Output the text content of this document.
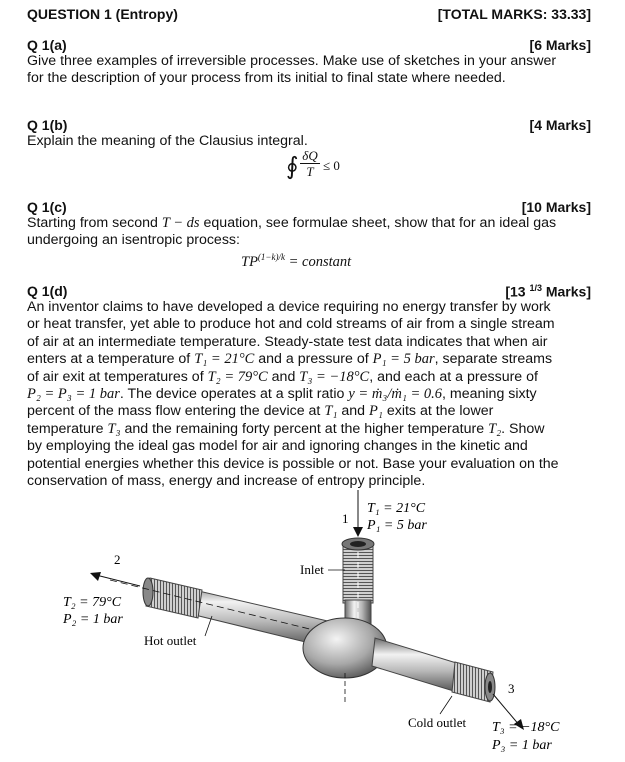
QUESTION 1 (Entropy)	[TOTAL MARKS: 33.33]
Q 1(a)	[6 Marks]
Give three examples of irreversible processes. Make use of sketches in your answer
for the description of your process from its initial to final state where needed.
Q 1(b)	[4 Marks]
Explain the meaning of the Clausius integral.
∮ δQ
T ≤ 0
Q 1(c)	[10 Marks]
Starting from second T − ds equation, see formulae sheet, show that for an ideal gas
undergoing an isentropic process:
$TP^{(1-k)/k}$ = constant
Q 1(d)	[13 $^{1/3}$ Marks]
An inventor claims to have developed a device requiring no energy transfer by work
or heat transfer, yet able to produce hot and cold streams of air from a single stream
of air at an intermediate temperature. Steady-state test data indicates that when air
enters at a temperature of T₁ = 21°C and a pressure of P₁ = 5 bar, separate streams
of air exit at temperatures of T₂ = 79°C and T₃ = −18°C, and each at a pressure of
P₂ = P₃ = 1 bar. The device operates at a split ratio y = ṁ₃/ṁ₁ = 0.6, meaning sixty
percent of the mass flow entering the device at T₁ and P₁ exits at the lower
temperature T₃ and the remaining forty percent at the higher temperature T₂. Show
by employing the ideal gas model for air and ignoring changes in the kinetic and
potential energies whether this device is possible or not. Base your evaluation on the
conservation of mass, energy and increase of entropy principle.
1
T₁ = 21°C
P₁ = 5 bar
Inlet
Hot outlet
2
T₂ = 79°C
P₂ = 1 bar
Cold outlet
3
T₃ = −18°C
P₃ = 1 bar
